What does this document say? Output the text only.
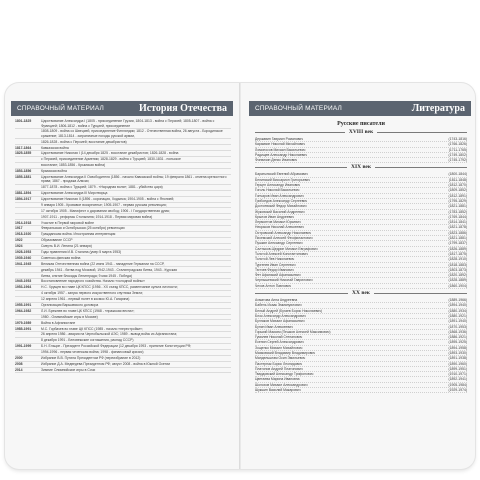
СПРАВОЧНЫЙ МАТЕРИАЛ	История Отечества
1801-1825	Царствование Александра I (1805 - присоединение Грузии, 1804-1813 - война с Персией; 1805-1807 - война с Францией; 1806-1812 - война с Турцией, присоединение
1808-1809 - война со Швецией, присоединение Финляндии; 1812 - Отечественная война, 26 августа - Бородинское сражение; 1813-1814 - заграничные походы русской армии,
1826-1828 - война с Персией; восстание декабристов)
1817-1864	Кавказская война
1825-1855	Царствование Николая I (14 декабря 1825 - восстание декабристов; 1826-1828 - война
с Персией, присоединение Армении; 1828-1829 - война с Турцией; 1830-1831 - польское
восстание; 1853-1856 - Крымская война)
1853-1856	Крымская война
1855-1881	Царствование Александра II Освободителя (1856 - начало Кавказской войны; 19 февраля 1861 - отмена крепостного права; 1867 - продажа Аляски;
1877-1878 - война с Турцией; 1879 - «Народная воля»; 1881 - убийство царя)
1881-1894	Царствование Александра III Миротворца
1894-1917	Царствование Николая II (1896 - коронация, Ходынка; 1904-1905 - война с Японией;
9 января 1905 - Кровавое воскресенье; 1905-1907 - первая русская революция;
17 октября 1905 - Манифест о даровании свобод; 1906 - I Государственная дума;
1907-1911 - реформы Столыпина; 1914-1918 - Первая мировая война)
1914-1918	Участие в Первой мировой войне
1917	Февральская и Октябрьская (25 октября) революции
1918-1920	Гражданская война. Иностранная интервенция
1922	Образование СССР
1924	Смерть В.И. Ленина (21 января)
1928-1953	Годы правления И.В. Сталина (умер 5 марта 1953)
1939-1940	Советско-финская война
1941-1945	Великая Отечественная война (22 июня 1941 - нападение Германии на СССР,
декабрь 1941 - битва под Москвой, 1942-1943 - Сталинградская битва, 1943 - Курская
битва, снятие блокады Ленинграда; 9 мая 1945 - Победа)
1945-1953	Восстановление народного хозяйства. Начало «холодной войны»
1953-1964	Н.С. Хрущев во главе ЦК КПСС (1956 - XX съезд КПСС, развенчание культа личности;
4 октября 1957 - запуск первого искусственного спутника Земли;
12 апреля 1961 - первый полет в космос Ю.А. Гагарина)
1955-1991	Организация Варшавского договора
1964-1982	Л.И. Брежнев во главе ЦК КПСС (1968 - «пражская весна»;
1980 - Олимпийские игры в Москве)
1979-1989	Война в Афганистане
1985-1991	М.С. Горбачев во главе ЦК КПСС (1985 - начало «перестройки»;
26 апреля 1986 - авария на Чернобыльской АЭС; 1989 - вывод войск из Афганистана;
8 декабря 1991 - Беловежские соглашения, распад СССР)
1991-1999	Б.Н. Ельцин - Президент Российской Федерации (12 декабря 1993 - принятие Конституции РФ;
1994-1996 - первая чеченская война; 1998 - финансовый кризис)
2000	Избрание В.В. Путина Президентом РФ (переизбрание в 2012)
2008	Избрание Д.А. Медведева Президентом РФ; август 2008 - война в Южной Осетии
2014	Зимние Олимпийские игры в Сочи
СПРАВОЧНЫЙ МАТЕРИАЛ	Литература
Русские писатели
XVIII век
Державин Гавриил Романович	(1743-1816)
Карамзин Николай Михайлович	(1766-1826)
Ломоносов Михаил Васильевич	(1711-1765)
Радищев Александр Николаевич	(1749-1802)
Фонвизин Денис Иванович	(1745-1792)
XIX век
Баратынский Евгений Абрамович	(1800-1844)
Белинский Виссарион Григорьевич	(1811-1848)
Герцен Александр Иванович	(1812-1870)
Гоголь Николай Васильевич	(1809-1852)
Гончаров Иван Александрович	(1812-1891)
Грибоедов Александр Сергеевич	(1795-1829)
Достоевский Федор Михайлович	(1821-1881)
Жуковский Василий Андреевич	(1783-1852)
Крылов Иван Андреевич	(1769-1844)
Лермонтов Михаил Юрьевич	(1814-1841)
Некрасов Николай Алексеевич	(1821-1878)
Островский Александр Николаевич	(1823-1886)
Писемский Алексей Феофилактович	(1821-1881)
Пушкин Александр Сергеевич	(1799-1837)
Салтыков-Щедрин Михаил Евграфович	(1826-1889)
Толстой Алексей Константинович	(1817-1875)
Толстой Лев Николаевич	(1828-1910)
Тургенев Иван Сергеевич	(1818-1883)
Тютчев Федор Иванович	(1803-1873)
Фет Афанасий Афанасьевич	(1820-1892)
Чернышевский Николай Гаврилович	(1828-1889)
Чехов Антон Павлович	(1860-1904)
XX век
Ахматова Анна Андреевна	(1889-1966)
Бабель Исаак Эммануилович	(1894-1940)
Белый Андрей (Бугаев Борис Николаевич)	(1880-1934)
Блок Александр Александрович	(1880-1921)
Булгаков Михаил Афанасьевич	(1891-1940)
Бунин Иван Алексеевич	(1870-1953)
Горький Максим (Пешков Алексей Максимович)	(1868-1936)
Гумилев Николай Степанович	(1886-1921)
Есенин Сергей Александрович	(1895-1925)
Зощенко Михаил Михайлович	(1894-1958)
Маяковский Владимир Владимирович	(1893-1930)
Мандельштам Осип Эмильевич	(1891-1938)
Пастернак Борис Леонидович	(1890-1960)
Платонов Андрей Платонович	(1899-1951)
Твардовский Александр Трифонович	(1910-1971)
Цветаева Марина Ивановна	(1892-1941)
Шолохов Михаил Александрович	(1905-1984)
Шукшин Василий Макарович	(1929-1974)
